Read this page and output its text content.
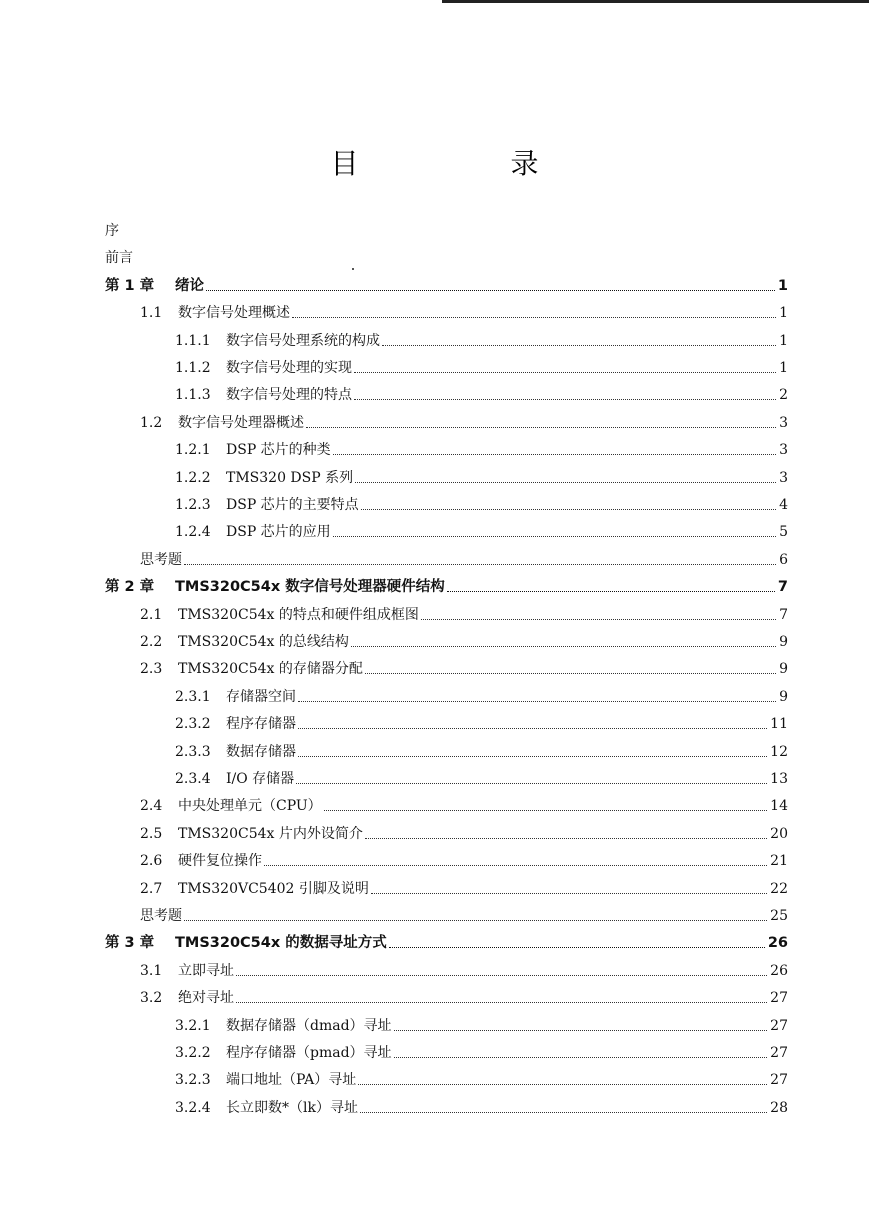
目　录
序
前言
第 1 章	绪论	1
1.1	数字信号处理概述	1
1.1.1	数字信号处理系统的构成	1
1.1.2	数字信号处理的实现	1
1.1.3	数字信号处理的特点	2
1.2	数字信号处理器概述	3
1.2.1	DSP 芯片的种类	3
1.2.2	TMS320 DSP 系列	3
1.2.3	DSP 芯片的主要特点	4
1.2.4	DSP 芯片的应用	5
思考题	6
第 2 章	TMS320C54x 数字信号处理器硬件结构	7
2.1	TMS320C54x 的特点和硬件组成框图	7
2.2	TMS320C54x 的总线结构	9
2.3	TMS320C54x 的存储器分配	9
2.3.1	存储器空间	9
2.3.2	程序存储器	11
2.3.3	数据存储器	12
2.3.4	I/O 存储器	13
2.4	中央处理单元（CPU）	14
2.5	TMS320C54x 片内外设简介	20
2.6	硬件复位操作	21
2.7	TMS320VC5402 引脚及说明	22
思考题	25
第 3 章	TMS320C54x 的数据寻址方式	26
3.1	立即寻址	26
3.2	绝对寻址	27
3.2.1	数据存储器（dmad）寻址	27
3.2.2	程序存储器（pmad）寻址	27
3.2.3	端口地址（PA）寻址	27
3.2.4	长立即数*（lk）寻址	28
